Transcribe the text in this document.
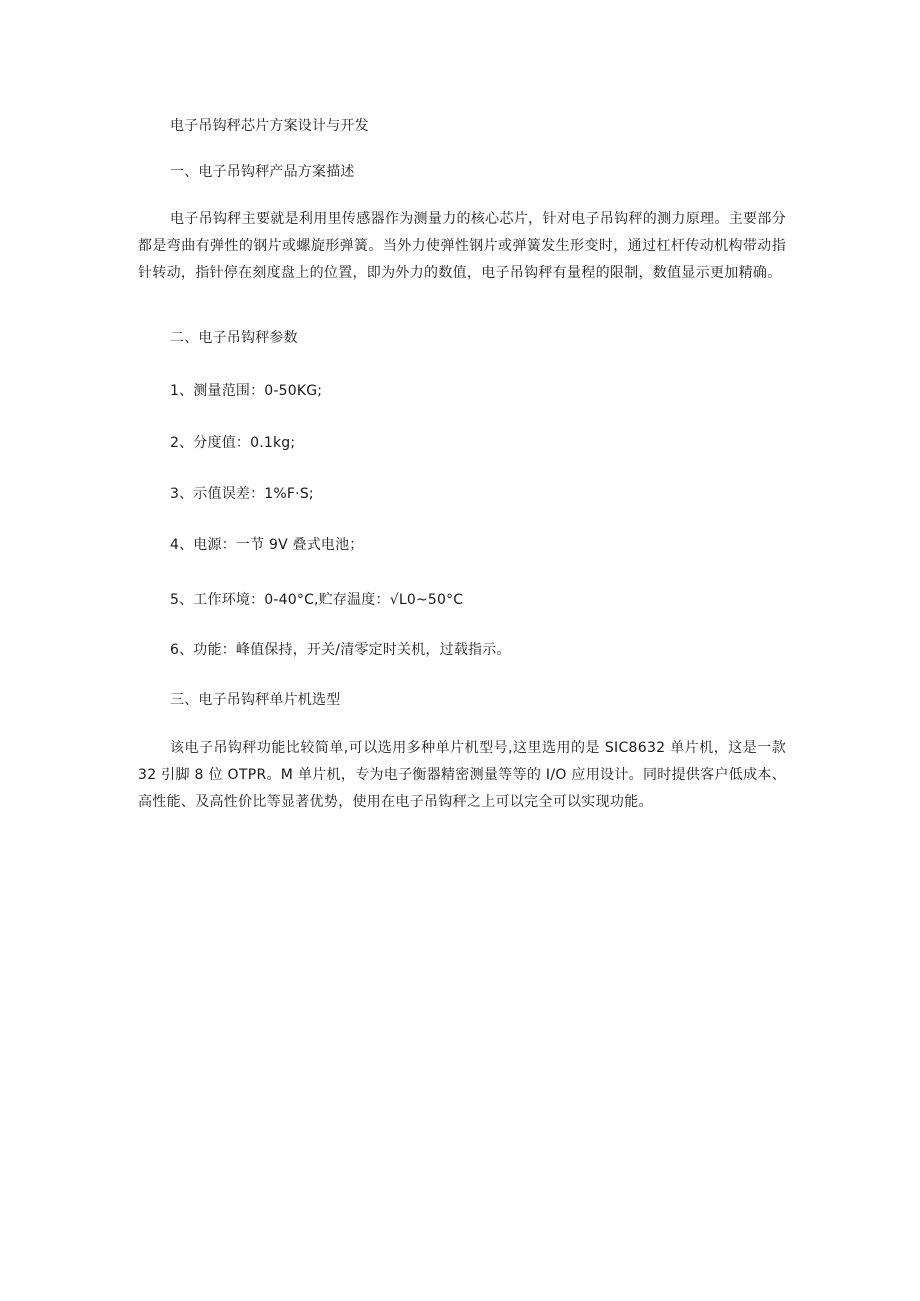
电子吊钩秤芯片方案设计与开发
一、电子吊钩秤产品方案描述
电子吊钩秤主要就是利用里传感器作为测量力的核心芯片，针对电子吊钩秤的测力原理。主要部分都是弯曲有弹性的钢片或螺旋形弹簧。当外力使弹性钢片或弹簧发生形变时，通过杠杆传动机构带动指针转动，指针停在刻度盘上的位置，即为外力的数值，电子吊钩秤有量程的限制，数值显示更加精确。
二、电子吊钩秤参数
1、测量范围：0-50KG;
2、分度值：0.1kg;
3、示值误差：1%F·S;
4、电源：一节 9V 叠式电池；
5、工作环境：0-40°C,贮存温度：√L0~50°C
6、功能：峰值保持，开关/清零定时关机，过载指示。
三、电子吊钩秤单片机选型
该电子吊钩秤功能比较简单,可以选用多种单片机型号,这里选用的是 SIC8632 单片机，这是一款 32 引脚 8 位 OTPR。M 单片机，专为电子衡器精密测量等等的 I/O 应用设计。同时提供客户低成本、高性能、及高性价比等显著优势，使用在电子吊钩秤之上可以完全可以实现功能。
